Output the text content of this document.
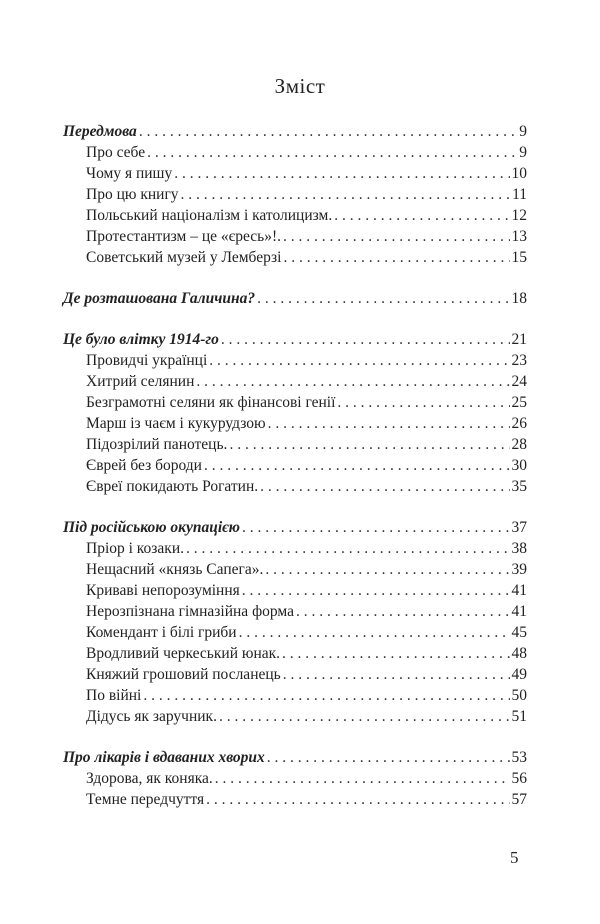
Зміст
Передмова . . .	9
Про себе . . .	9
Чому я пишу . . .	10
Про цю книгу . . .	11
Польський націоналізм і католицизм. . . .	12
Протестантизм – це «єресь»!. . . .	13
Советський музей у Лемберзі . . .	15
Де розташована Галичина? . . .	18
Це було влітку 1914-го . . .	21
Провидчі українці . . .	23
Хитрий селянин . . .	24
Безграмотні селяни як фінансові генії . . .	25
Марш із чаєм і кукурудзою . . .	26
Підозрілий панотець. . . .	28
Єврей без бороди . . .	30
Євреї покидають Рогатин. . . .	35
Під російською окупацією . . .	37
Пріор і козаки. . . .	38
Нещасний «князь Сапега». . . .	39
Криваві непорозуміння . . .	41
Нерозпізнана гімназійна форма . . .	41
Комендант і білі гриби . . .	45
Вродливий черкеський юнак. . . .	48
Княжий грошовий посланець . . .	49
По війні . . .	50
Дідусь як заручник. . . .	51
Про лікарів і вдаваних хворих . . .	53
Здорова, як коняка. . . .	56
Темне передчуття . . .	57
5
